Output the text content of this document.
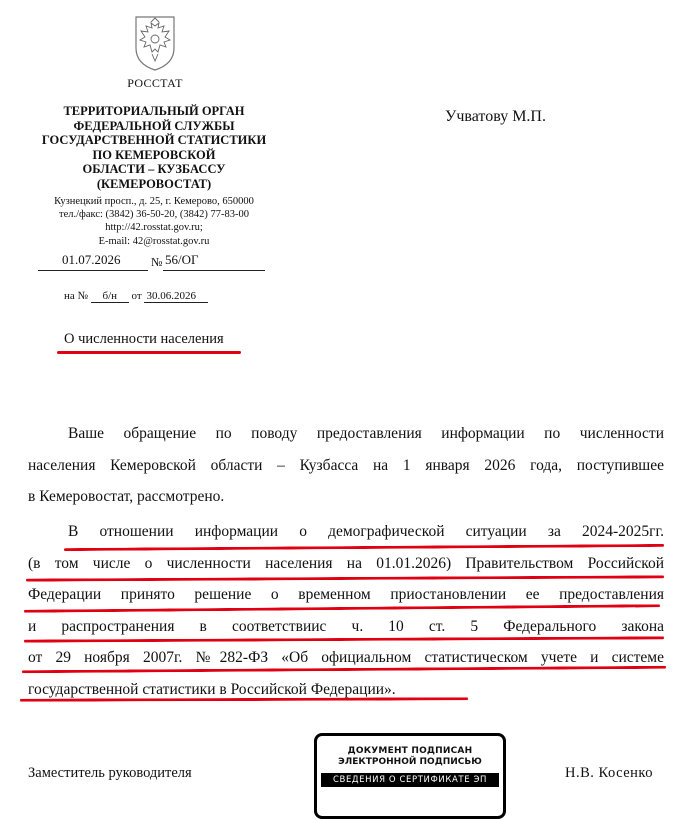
РОССТАТ
ТЕРРИТОРИАЛЬНЫЙ ОРГАН
ФЕДЕРАЛЬНОЙ СЛУЖБЫ
ГОСУДАРСТВЕННОЙ СТАТИСТИКИ
ПО КЕМЕРОВСКОЙ
ОБЛАСТИ – КУЗБАССУ
(КЕМЕРОВОСТАТ)
Кузнецкий просп., д. 25, г. Кемерово, 650000
тел./факс: (3842) 36-50-20, (3842) 77-83-00
http://42.rosstat.gov.ru;
E-mail: 42@rosstat.gov.ru
01.07.2026	№ 56/ОГ
на № б/н от 30.06.2026
Учватову М.П.
О численности населения
Ваше обращение по поводу предоставления информации по численности
населения Кемеровской области – Кузбасса на 1 января 2026 года, поступившее
в Кемеровостат, рассмотрено.
В отношении информации о демографической ситуации за 2024-2025гг.
(в том числе о численности населения на 01.01.2026) Правительством Российской
Федерации принято решение о временном приостановлении ее предоставления
и распространения в соответствиис ч. 10 ст. 5 Федерального закона
от 29 ноября 2007г. №282-ФЗ «Об официальном статистическом учете и системе
государственной статистики в Российской Федерации».
Заместитель руководителя	Н.В. Косенко
ДОКУМЕНТ ПОДПИСАН
ЭЛЕКТРОННОЙ ПОДПИСЬЮ
СВЕДЕНИЯ О СЕРТИФИКАТЕ ЭП
